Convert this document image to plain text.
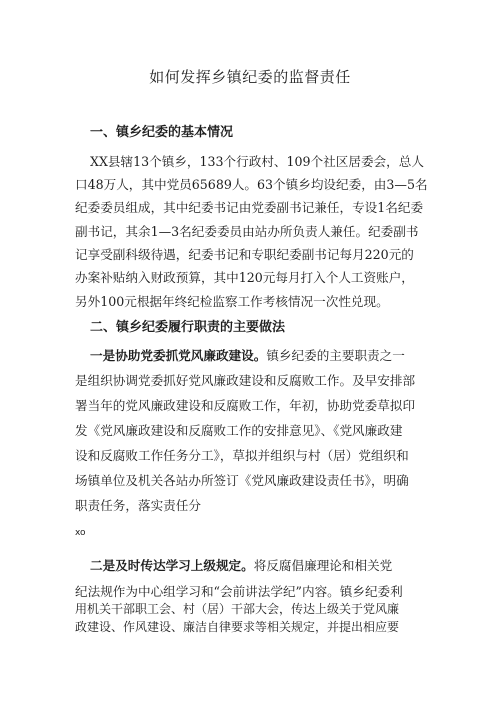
如何发挥乡镇纪委的监督责任
一、镇乡纪委的基本情况
XX县辖13个镇乡，133个行政村、109个社区居委会，总人
口48万人，其中党员65689人。63个镇乡均设纪委，由3—5名
纪委委员组成，其中纪委书记由党委副书记兼任，专设1名纪委
副书记，其余1—3名纪委委员由站办所负责人兼任。纪委副书
记享受副科级待遇，纪委书记和专职纪委副书记每月220元的
办案补贴纳入财政预算，其中120元每月打入个人工资账户，
另外100元根据年终纪检监察工作考核情况一次性兑现。
二、镇乡纪委履行职责的主要做法
一是协助党委抓党风廉政建设。镇乡纪委的主要职责之一
是组织协调党委抓好党风廉政建设和反腐败工作。及早安排部
署当年的党风廉政建设和反腐败工作，年初，协助党委草拟印
发《党风廉政建设和反腐败工作的安排意见》、《党风廉政建
设和反腐败工作任务分工》，草拟并组织与村（居）党组织和
场镇单位及机关各站办所签订《党风廉政建设责任书》，明确
职责任务，落实责任分
xo
二是及时传达学习上级规定。将反腐倡廉理论和相关党
纪法规作为中心组学习和“会前讲法学纪”内容。镇乡纪委利
用机关干部职工会、村（居）干部大会，传达上级关于党风廉
政建设、作风建设、廉洁自律要求等相关规定，并提出相应要
